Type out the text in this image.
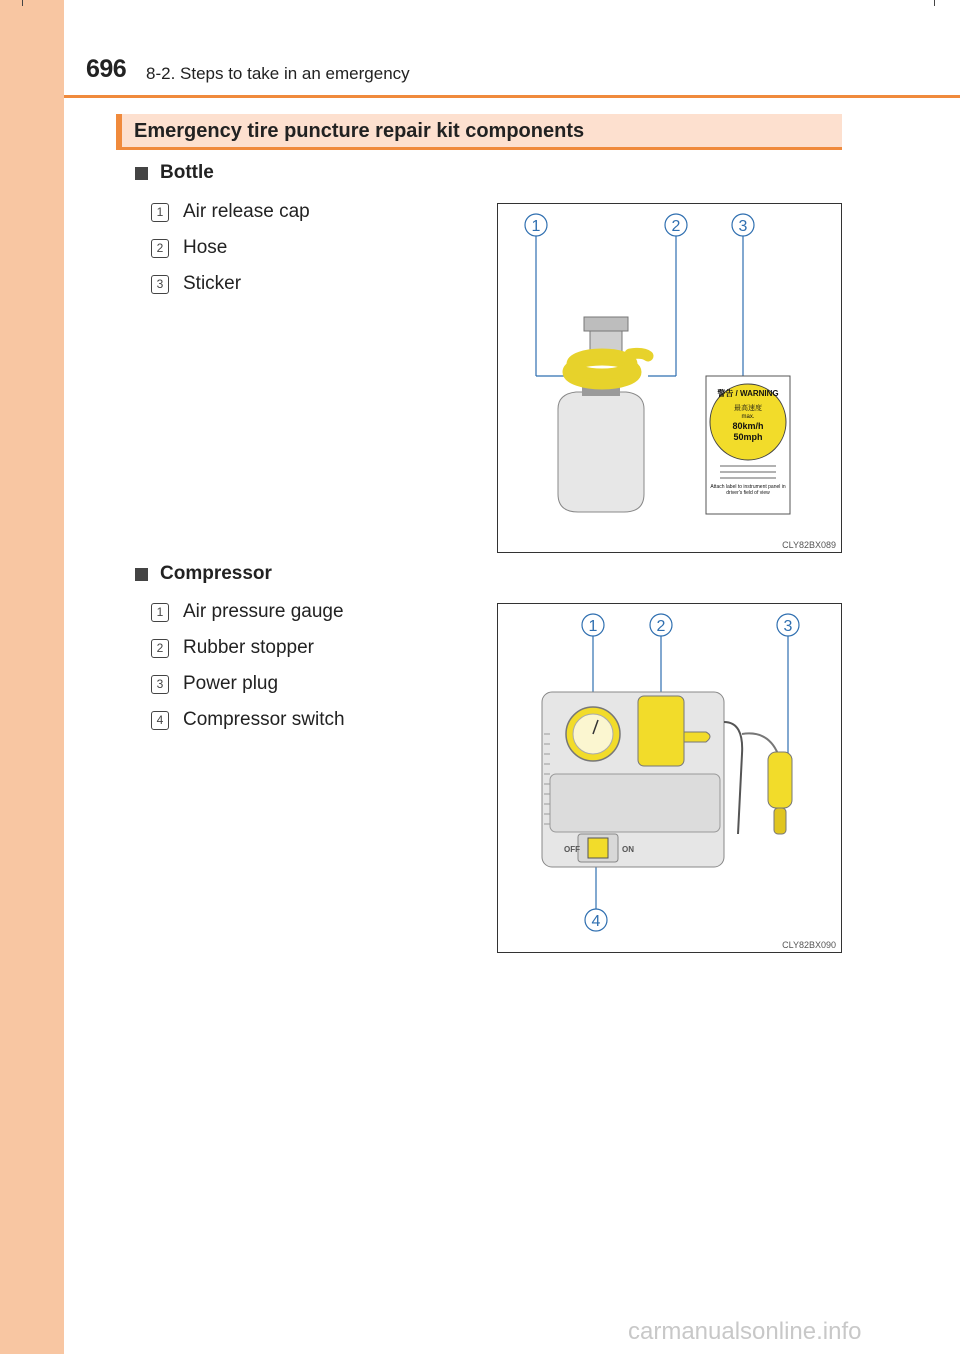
696 8-2. Steps to take in an emergency
Emergency tire puncture repair kit components
Bottle
1 Air release cap
2 Hose
3 Sticker
1	2	3
警告 / WARNING
最高速度
max.
80km/h
50mph
Attach label to instrument panel in driver's field of view
CLY82BX089
Compressor
1 Air pressure gauge
2 Rubber stopper
3 Power plug
4 Compressor switch
1	2	3
4
OFF	ON
CLY82BX090
carmanualsonline.info
